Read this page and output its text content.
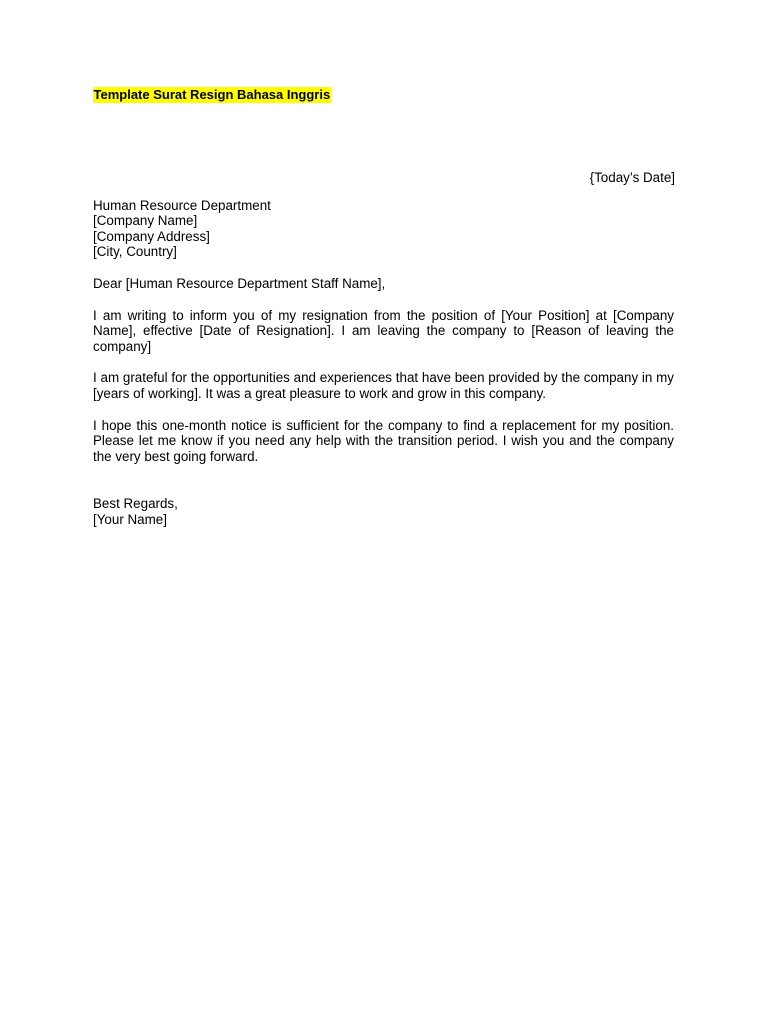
Template Surat Resign Bahasa Inggris
{Today’s Date]
Human Resource Department
[Company Name]
[Company Address]
[City, Country]
Dear [Human Resource Department Staff Name],
I am writing to inform you of my resignation from the position of [Your Position] at [Company Name], effective [Date of Resignation]. I am leaving the company to [Reason of leaving the company]
I am grateful for the opportunities and experiences that have been provided by the company in my [years of working]. It was a great pleasure to work and grow in this company.
I hope this one-month notice is sufficient for the company to find a replacement for my position. Please let me know if you need any help with the transition period. I wish you and the company the very best going forward.
Best Regards,
[Your Name]
